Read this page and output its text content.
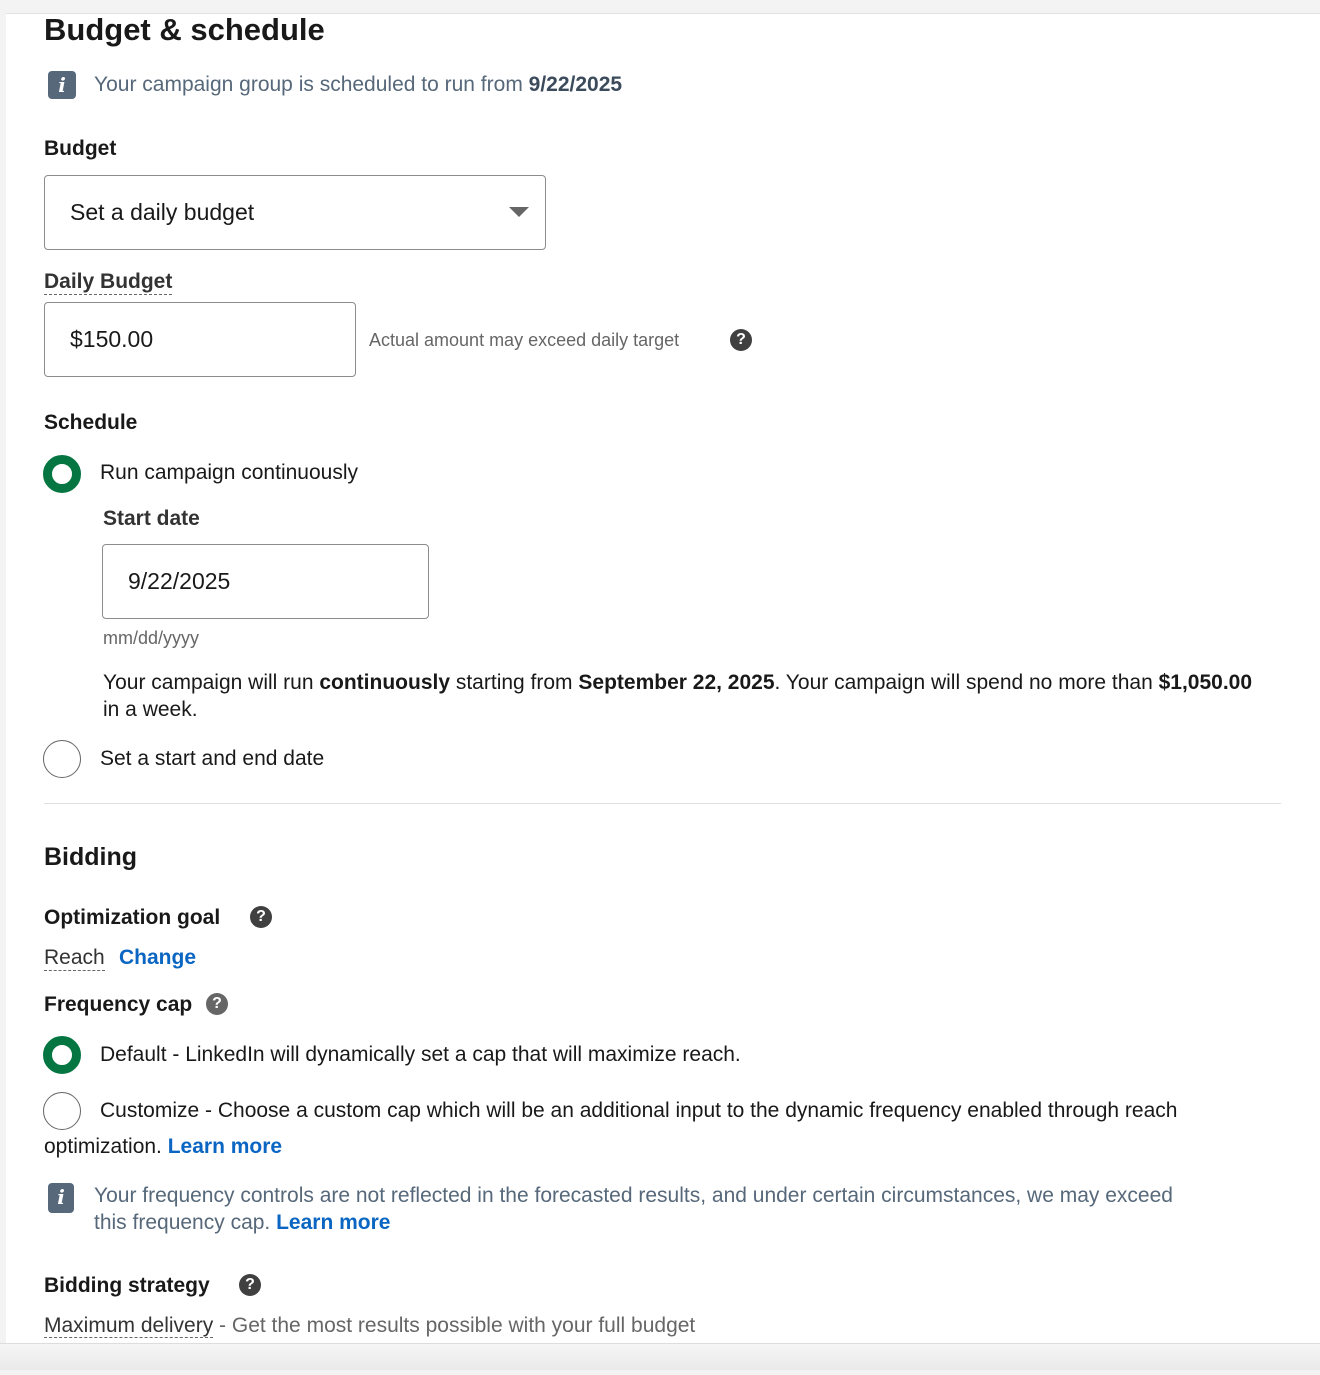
Budget & schedule
i	Your campaign group is scheduled to run from 9/22/2025
Budget
Set a daily budget
Daily Budget
$150.00	Actual amount may exceed daily target	?
Schedule
Run campaign continuously
Start date
9/22/2025
mm/dd/yyyy
Your campaign will run continuously starting from September 22, 2025. Your campaign will spend no more than $1,050.00 in a week.
Set a start and end date
Bidding
Optimization goal	?
Reach Change
Frequency cap	?
Default - LinkedIn will dynamically set a cap that will maximize reach.
Customize - Choose a custom cap which will be an additional input to the dynamic frequency enabled through reach
optimization. Learn more
i	Your frequency controls are not reflected in the forecasted results, and under certain circumstances, we may exceed
this frequency cap. Learn more
Bidding strategy	?
Maximum delivery - Get the most results possible with your full budget
